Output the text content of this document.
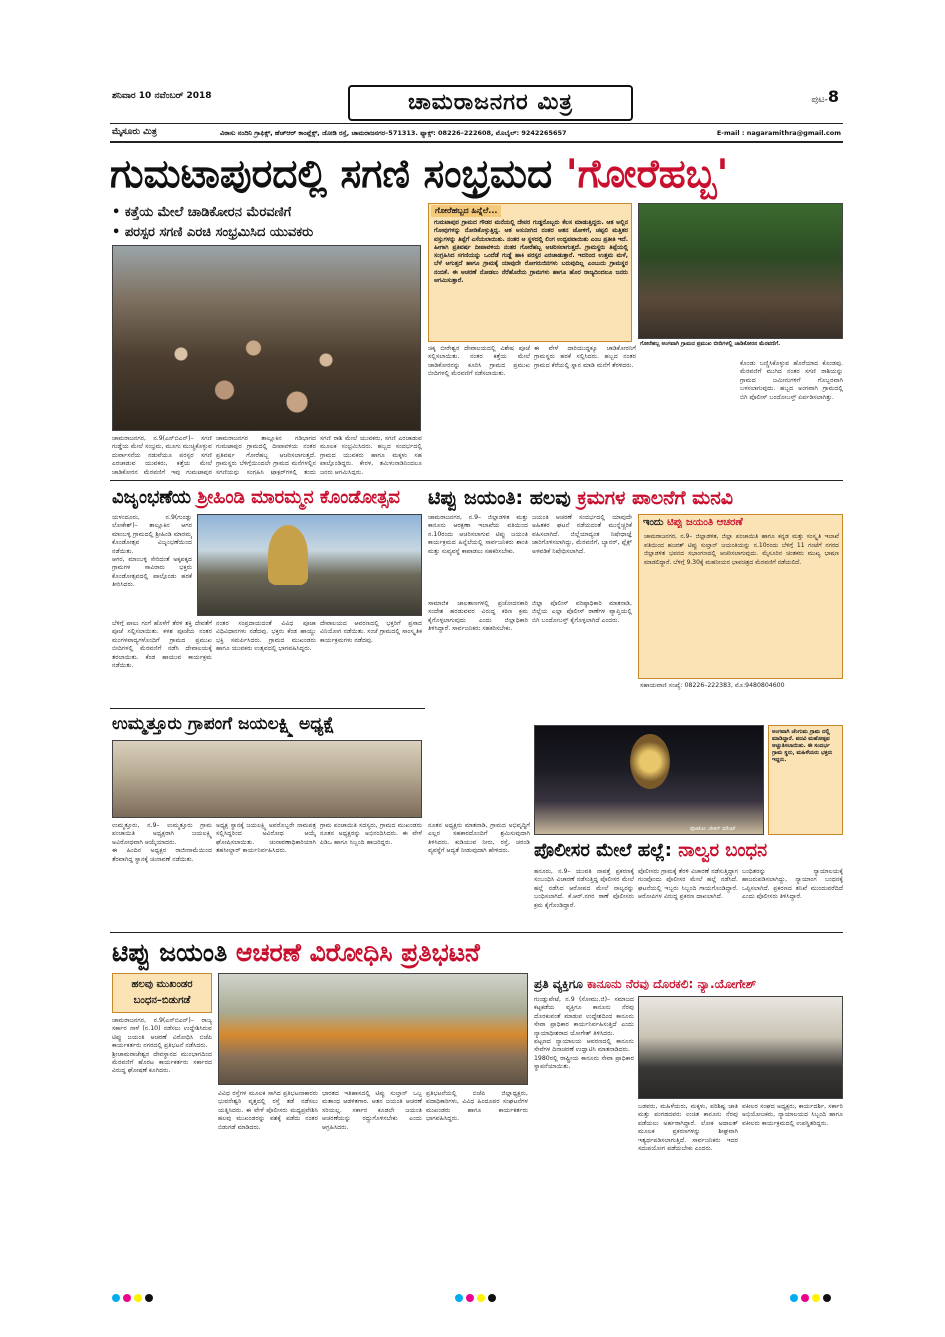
ಶನಿವಾರ 10 ನವೆಂಬರ್ 2018	ಚಾಮರಾಜನಗರ ಮಿತ್ರ	ಪುಟ-8
ಮೈಸೂರು ಮಿತ್ರ	ವಿಠಾಸು ನಂದಿನಿ ಗ್ರಾಫಿಕ್ಸ್, ಹೆಚ್‌ಆರ್ ಕಾಂಪ್ಲೆಕ್ಸ್, ಜೋಡಿ ರಸ್ತೆ, ಚಾಮರಾಜನಗರ–571313. ಫ್ಯಾಕ್ಸ್: 08226–222608, ಮೊಬೈಲ್: 9242265657	E-mail : nagaramithra@gmail.com
ಗುಮಟಾಪುರದಲ್ಲಿ ಸಗಣಿ ಸಂಭ್ರಮದ 'ಗೋರೆಹಬ್ಬ'
• ಕತ್ತೆಯ ಮೇಲೆ ಚಾಡಿಕೋರನ ಮೆರವಣಿಗೆ
• ಪರಸ್ಪರ ಸಗಣಿ ಎರಚಿ ಸಂಭ್ರಮಿಸಿದ ಯುವಕರು
ಗೋರೆಹಬ್ಬದ ಹಿನ್ನೆಲೆ...
ಗುಮಟಾಪುರ ಗ್ರಾಮದ ಗೌಡರ ಮನೆಯಲ್ಲಿ ದೇವರ ಗುಡ್ಡರೊಬ್ಬರು ಕೆಲಸ ಮಾಡುತ್ತಿದ್ದರು. ಆತ ಅಲ್ಲಿನ ಗೋವುಗಳನ್ನು ನೋಡಿಕೊಳ್ಳುತ್ತಿದ್ದ. ಆತ ಅಸುನೀಗಿದ ನಂತರ ಆತನ ಜೋಳಿಗೆ, ಚಪ್ಪಲಿ ಮತ್ತಿತರ ವಸ್ತುಗಳನ್ನು ತಿಪ್ಪೆಗೆ ಎಸೆಯಲಾಯಿತು. ನಂತರ ಆ ಸ್ಥಳದಲ್ಲಿ ಲಿಂಗ ಉದ್ಭವವಾಯಿತು ಎಂಬ ಪ್ರತೀತಿ ಇದೆ. ಹೀಗಾಗಿ ಪ್ರತಿವರ್ಷ ದೀಪಾವಳಿಯ ನಂತರ ಗೋರೆಹಬ್ಬ ಆಚರಿಸಲಾಗುತ್ತದೆ. ಗ್ರಾಮಸ್ಥರು ತಿಪ್ಪೆಯಲ್ಲಿ ಸಂಗ್ರಹಿಸಿದ ಸಗಣಿಯನ್ನು ಒಂದೆಡೆ ಗುಡ್ಡೆ ಹಾಕಿ ಪರಸ್ಪರ ಎರಚಾಡುತ್ತಾರೆ. ಇದರಿಂದ ಉತ್ತಮ ಮಳೆ, ಬೆಳೆ ಆಗುತ್ತದೆ ಹಾಗೂ ಗ್ರಾಮಕ್ಕೆ ಯಾವುದೇ ರೋಗರುಜಿನಗಳು ಬರುವುದಿಲ್ಲ ಎಂಬುದು ಗ್ರಾಮಸ್ಥರ ನಂಬಿಕೆ. ಈ ಆಚರಣೆ ನೋಡಲು ನೆರೆಹೊರೆಯ ಗ್ರಾಮಗಳು ಹಾಗೂ ಹೊರ ರಾಜ್ಯದಿಂದಲೂ ಜನರು ಆಗಮಿಸುತ್ತಾರೆ.
ಗೋರೆಹಬ್ಬ ಅಂಗವಾಗಿ ಗ್ರಾಮದ ಪ್ರಮುಖ ಬೀದಿಗಳಲ್ಲಿ ಚಾಡಿಕೋರನ ಮೆರವಣಿಗೆ.
ಚಾಮರಾಜನಗರ, ನ.9(ಎನ್‌ಬಿಎನ್)– ಸಗಣಿ ಗುಡ್ಡೆಯ ಮೇಲೆ ಸಂಭ್ರಮ, ಮೂಗು ಮುಚ್ಚಿಕೊಳ್ಳುವ ದುರ್ವಾಸನೆಯ ನಡುವೆಯೂ ಪರಸ್ಪರ ಸಗಣಿ ಎರಚಾಡುವ ಯುವಕರು, ಕತ್ತೆಯ ಮೇಲೆ ಚಾಡಿಕೋರನ ಮೆರವಣಿಗೆ ಇವು ಗುಮಟಾಪುರ
ಚಾಮರಾಜನಗರ ತಾಲ್ಲೂಕಿನ ಗಡಿಭಾಗದ ಗುಮಟಾಪುರ ಗ್ರಾಮದಲ್ಲಿ ದೀಪಾವಳಿಯ ನಂತರ ಪ್ರತಿವರ್ಷ ಗೋರೆಹಬ್ಬ ಆಚರಿಸಲಾಗುತ್ತದೆ. ಗ್ರಾಮಸ್ಥರು ಬೆಳಿಗ್ಗೆಯಿಂದಲೇ ಗ್ರಾಮದ ಮನೆಗಳಲ್ಲಿನ ಸಗಣಿಯನ್ನು ಸಂಗ್ರಹಿಸಿ ಟ್ರ್ಯಾಕ್ಟರ್‌ಗಳಲ್ಲಿ ತಂದು
ಸಗಣಿ ರಾಶಿ ಮೇಲೆ ಯುವಕರು, ಸಗಣಿ ಎರಚಾಡುವ ಮೂಲಕ ಸಂಭ್ರಮಿಸಿದರು. ಹಬ್ಬದ ಸಂದರ್ಭದಲ್ಲಿ ಗ್ರಾಮದ ಯುವಕರು ಹಾಗೂ ಮಕ್ಕಳು ಸಹ ಪಾಲ್ಗೊಂಡಿದ್ದರು. ಕೇರಳ, ತಮಿಳುನಾಡಿನಿಂದಲೂ ಜನರು ಆಗಮಿಸಿದ್ದರು.
ಚಿಕ್ಕ ಬೀರೇಶ್ವರ ದೇವಾಲಯದಲ್ಲಿ ವಿಶೇಷ ಪೂಜೆ ಸಲ್ಲಿಸಲಾಯಿತು. ನಂತರ ಕತ್ತೆಯ ಮೇಲೆ ಚಾಡಿಕೋರನನ್ನು ಕೂರಿಸಿ ಗ್ರಾಮದ ಪ್ರಮುಖ ಬೀದಿಗಳಲ್ಲಿ ಮೆರವಣಿಗೆ ನಡೆಸಲಾಯಿತು.
ಈ ವೇಳೆ ದಾರಿಯುದ್ದಕ್ಕೂ ಚಾಡಿಕೋರನಿಗೆ ಗ್ರಾಮಸ್ಥರು ಹರಕೆ ಸಲ್ಲಿಸಿದರು. ಹಬ್ಬದ ನಂತರ ಗ್ರಾಮದ ಕೆರೆಯಲ್ಲಿ ಸ್ನಾನ ಮಾಡಿ ಮನೆಗೆ ತೆರಳಿದರು.	ಕೊಂಡು ಬಣ್ಣಿಸಿಕೊಳ್ಳುವ ಹೊರೆಯಾದ ಕೊಂಡವು. ಮೆರವಣಿಗೆ ಮುಗಿದ ನಂತರ ಸಗಣಿ ರಾಶಿಯನ್ನು ಗ್ರಾಮದ ಜಮೀನುಗಳಿಗೆ ಗೊಬ್ಬರವಾಗಿ ಬಳಸಲಾಗುವುದು. ಹಬ್ಬದ ಅಂಗವಾಗಿ ಗ್ರಾಮದಲ್ಲಿ ಬಿಗಿ ಪೊಲೀಸ್ ಬಂದೋಬಸ್ತ್ ಏರ್ಪಡಿಸಲಾಗಿತ್ತು.
ವಿಜೃಂಭಣೆಯ ಶ್ರೀಹಿಂಡಿ ಮಾರಮ್ಮನ ಕೊಂಡೋತ್ಸವ
ಯಳಂದೂರು, ನ.9(ಗುಂಡ್ಲು ಲೋಕೇಶ್)– ತಾಲ್ಲೂಕಿನ ಆಗರ ಮಾಂಬಳ್ಳಿ ಗ್ರಾಮದಲ್ಲಿ ಶ್ರೀಹಿಂಡಿ ಮಾರಮ್ಮ ಕೊಂಡೋತ್ಸವ ವಿಜೃಂಭಣೆಯಿಂದ ನಡೆಯಿತು.
ಆಗರ, ಮಾಂಬಳ್ಳಿ ಸೇರಿದಂತೆ ಅಕ್ಕಪಕ್ಕದ ಗ್ರಾಮಗಳ ಸಾವಿರಾರು ಭಕ್ತರು ಕೊಂಡೋತ್ಸವದಲ್ಲಿ ಪಾಲ್ಗೊಂಡು ಹರಕೆ ತೀರಿಸಿದರು.
ಬೆಳಿಗ್ಗೆ ಪಾಲು ಗಂಗೆ ಹೊಳೆಗೆ ತೆರಳಿ ಶಕ್ತಿ ದೇವತೆಗೆ ಪೂಜೆ ಸಲ್ಲಿಸಲಾಯಿತು. ಕಳಶ ಪೂಜೆಯ ನಂತರ ಮಂಗಳವಾದ್ಯಗಳೊಂದಿಗೆ ಗ್ರಾಮದ ಪ್ರಮುಖ ಬೀದಿಗಳಲ್ಲಿ ಮೆರವಣಿಗೆ ನಡೆಸಿ ದೇವಾಲಯಕ್ಕೆ ತರಲಾಯಿತು. ಕೆಂಡ ಹಾಯುವ ಕಾರ್ಯಕ್ರಮ ನಡೆಯಿತು.
ನಂತರ ಸಂಪ್ರದಾಯದಂತೆ ವಿವಿಧ ಪೂಜಾ ವಿಧಿವಿಧಾನಗಳು ನಡೆದವು. ಭಕ್ತರು ಕೆಂಡ ಹಾಯ್ದು ಭಕ್ತಿ ಸಮರ್ಪಿಸಿದರು. ಗ್ರಾಮದ ಮುಖಂಡರು ಹಾಗೂ ಯುವಕರು ಉತ್ಸವದಲ್ಲಿ ಭಾಗವಹಿಸಿದ್ದರು.
ದೇವಾಲಯದ ಆವರಣದಲ್ಲಿ ಭಕ್ತರಿಗೆ ಪ್ರಸಾದ ವಿನಿಯೋಗ ನಡೆಯಿತು. ಸಂಜೆ ಗ್ರಾಮದಲ್ಲಿ ಸಾಂಸ್ಕೃತಿಕ ಕಾರ್ಯಕ್ರಮಗಳು ನಡೆದವು.
ಉಮ್ಮತ್ತೂರು ಗ್ರಾಪಂಗೆ ಜಯಲಕ್ಷ್ಮಿ ಅಧ್ಯಕ್ಷೆ
ಉಮ್ಮತ್ತೂರು, ನ.9– ಉಮ್ಮತ್ತೂರು ಗ್ರಾಮ ಪಂಚಾಯಿತಿ ಅಧ್ಯಕ್ಷರಾಗಿ ಜಯಲಕ್ಷ್ಮಿ ಅವಿರೋಧವಾಗಿ ಆಯ್ಕೆಯಾದರು.
ಈ ಹಿಂದಿನ ಅಧ್ಯಕ್ಷರ ರಾಜೀನಾಮೆಯಿಂದ ತೆರವಾಗಿದ್ದ ಸ್ಥಾನಕ್ಕೆ ಚುನಾವಣೆ ನಡೆಯಿತು.
ಅಧ್ಯಕ್ಷ ಸ್ಥಾನಕ್ಕೆ ಜಯಲಕ್ಷ್ಮಿ ಅವರೊಬ್ಬರೇ ನಾಮಪತ್ರ ಸಲ್ಲಿಸಿದ್ದರಿಂದ ಅವಿರೋಧ ಆಯ್ಕೆ ಘೋಷಿಸಲಾಯಿತು. ಚುನಾವಣಾಧಿಕಾರಿಯಾಗಿ ತಹಸೀಲ್ದಾರ್ ಕಾರ್ಯನಿರ್ವಹಿಸಿದರು.
ಗ್ರಾಮ ಪಂಚಾಯಿತಿ ಸದಸ್ಯರು, ಗ್ರಾಮದ ಮುಖಂಡರು ನೂತನ ಅಧ್ಯಕ್ಷರನ್ನು ಅಭಿನಂದಿಸಿದರು. ಈ ವೇಳೆ ಪಿಡಿಒ ಹಾಗೂ ಸಿಬ್ಬಂದಿ ಹಾಜರಿದ್ದರು.
ನೂತನ ಅಧ್ಯಕ್ಷರು ಮಾತನಾಡಿ, ಗ್ರಾಮದ ಅಭಿವೃದ್ಧಿಗೆ ಎಲ್ಲರ ಸಹಕಾರದೊಂದಿಗೆ ಶ್ರಮಿಸುವುದಾಗಿ ತಿಳಿಸಿದರು. ಕುಡಿಯುವ ನೀರು, ರಸ್ತೆ, ಚರಂಡಿ ವ್ಯವಸ್ಥೆಗೆ ಆದ್ಯತೆ ನೀಡುವುದಾಗಿ ಹೇಳಿದರು.
ಟಿಪ್ಪು ಜಯಂತಿ: ಹಲವು ಕ್ರಮಗಳ ಪಾಲನೆಗೆ ಮನವಿ
ಚಾಮರಾಜನಗರ, ನ.9– ಜಿಲ್ಲಾಡಳಿತ ಮತ್ತು ಕಾನೂನು ಆರಕ್ಷಣಾ ಇಲಾಖೆಯ ವತಿಯಿಂದ ನ.10ರಂದು ಆಚರಿಸಲಾಗುವ ಟಿಪ್ಪು ಜಯಂತಿ ಕಾರ್ಯಕ್ರಮದ ಹಿನ್ನೆಲೆಯಲ್ಲಿ ಸಾರ್ವಜನಿಕರು ಶಾಂತಿ ಮತ್ತು ಸುವ್ಯವಸ್ಥೆ ಕಾಪಾಡಲು ಸಹಕರಿಸಬೇಕು.
ಜಯಂತಿ ಆಚರಣೆ ಸಂದರ್ಭದಲ್ಲಿ ಯಾವುದೇ ಅಹಿತಕರ ಘಟನೆ ನಡೆಯದಂತೆ ಮುನ್ನೆಚ್ಚರಿಕೆ ವಹಿಸಲಾಗಿದೆ. ಜಿಲ್ಲೆಯಾದ್ಯಂತ ನಿಷೇಧಾಜ್ಞೆ ಜಾರಿಗೊಳಿಸಲಾಗಿದ್ದು, ಮೆರವಣಿಗೆ, ಬ್ಯಾನರ್, ಫ್ಲೆಕ್ಸ್ ಅಳವಡಿಕೆ ನಿಷೇಧಿಸಲಾಗಿದೆ.
ಸಾಮಾಜಿಕ ಜಾಲತಾಣಗಳಲ್ಲಿ ಪ್ರಚೋದನಕಾರಿ ಸಂದೇಶ ಹರಡುವವರ ವಿರುದ್ಧ ಕಠಿಣ ಕ್ರಮ ಕೈಗೊಳ್ಳಲಾಗುವುದು ಎಂದು ಜಿಲ್ಲಾಧಿಕಾರಿ ತಿಳಿಸಿದ್ದಾರೆ. ಸಾರ್ವಜನಿಕರು ಸಹಕರಿಸಬೇಕು.
ಜಿಲ್ಲಾ ಪೊಲೀಸ್ ವರಿಷ್ಠಾಧಿಕಾರಿ ಮಾತನಾಡಿ, ಜಿಲ್ಲೆಯ ಎಲ್ಲಾ ಪೊಲೀಸ್ ಠಾಣೆಗಳ ವ್ಯಾಪ್ತಿಯಲ್ಲಿ ಬಿಗಿ ಬಂದೋಬಸ್ತ್ ಕೈಗೊಳ್ಳಲಾಗಿದೆ ಎಂದರು.
ಇಂದು ಟಿಪ್ಪು ಜಯಂತಿ ಆಚರಣೆ
ಚಾಮರಾಜನಗರ, ನ.9– ಜಿಲ್ಲಾಡಳಿತ, ಜಿಲ್ಲಾ ಪಂಚಾಯಿತಿ ಹಾಗೂ ಕನ್ನಡ ಮತ್ತು ಸಂಸ್ಕೃತಿ ಇಲಾಖೆ ವತಿಯಿಂದ ಹಜರತ್ ಟಿಪ್ಪು ಸುಲ್ತಾನ್ ಜಯಂತಿಯನ್ನು ನ.10ರಂದು ಬೆಳಿಗ್ಗೆ 11 ಗಂಟೆಗೆ ನಗರದ ಜಿಲ್ಲಾಡಳಿತ ಭವನದ ಸಭಾಂಗಣದಲ್ಲಿ ಆಚರಿಸಲಾಗುವುದು. ಮೈಸೂರಿನ ಚಿಂತಕರು ಮುಖ್ಯ ಭಾಷಣ ಮಾಡಲಿದ್ದಾರೆ. ಬೆಳಿಗ್ಗೆ 9.30ಕ್ಕೆ ಮಹನೀಯರ ಭಾವಚಿತ್ರದ ಮೆರವಣಿಗೆ ನಡೆಯಲಿದೆ.
ಸಹಾಯವಾಣಿ ಸಂಖ್ಯೆ: 08226–222383, ಮೊ:9480804600
ಅಂಗವಾಗಿ ಚೆಂಗುಮ ಗ್ರಾಮ ದಲ್ಲಿ ಮಾಡಿದ್ದಾರೆ. ಪದವಿ ಮಹೋತ್ಸವ ಆಚ್ಚುತಿಸಲಾಯಿತು. ಈ ಸಂದರ್ಭ ಗ್ರಾಮ ಸ್ಥರು, ಮಹಿಳೆಯರು ಭಕ್ತರು ಇದ್ದರು.
ಫೋಟೋ: ಚೇತನ್ ಮೌಂಟ್
ಪೊಲೀಸರ ಮೇಲೆ ಹಲ್ಲೆ: ನಾಲ್ವರ ಬಂಧನ
ಹನೂರು, ನ.9– ಯುವತಿ ನಾಪತ್ತೆ ಪ್ರಕರಣಕ್ಕೆ ಸಂಬಂಧಿಸಿ ವಿಚಾರಣೆ ನಡೆಸುತ್ತಿದ್ದ ಪೊಲೀಸರ ಮೇಲೆ ಹಲ್ಲೆ ನಡೆಸಿದ ಆರೋಪದ ಮೇಲೆ ನಾಲ್ವರನ್ನು ಬಂಧಿಸಲಾಗಿದೆ. ಕೆ.ಆರ್.ನಗರ ಠಾಣೆ ಪೊಲೀಸರು ಕ್ರಮ ಕೈಗೊಂಡಿದ್ದಾರೆ.
ಪೊಲೀಸರು ಗ್ರಾಮಕ್ಕೆ ತೆರಳಿ ವಿಚಾರಣೆ ನಡೆಸುತ್ತಿದ್ದಾಗ ಗುಂಪೊಂದು ಪೊಲೀಸರ ಮೇಲೆ ಹಲ್ಲೆ ನಡೆಸಿದೆ. ಘಟನೆಯಲ್ಲಿ ಇಬ್ಬರು ಸಿಬ್ಬಂದಿ ಗಾಯಗೊಂಡಿದ್ದಾರೆ. ಆರೋಪಿಗಳ ವಿರುದ್ಧ ಪ್ರಕರಣ ದಾಖಲಾಗಿದೆ.
ಬಂಧಿತರನ್ನು ನ್ಯಾಯಾಲಯಕ್ಕೆ ಹಾಜರುಪಡಿಸಲಾಗಿದ್ದು, ನ್ಯಾಯಾಂಗ ಬಂಧನಕ್ಕೆ ಒಪ್ಪಿಸಲಾಗಿದೆ. ಪ್ರಕರಣದ ತನಿಖೆ ಮುಂದುವರೆದಿದೆ ಎಂದು ಪೊಲೀಸರು ತಿಳಿಸಿದ್ದಾರೆ.
ಟಿಪ್ಪು ಜಯಂತಿ ಆಚರಣೆ ವಿರೋಧಿಸಿ ಪ್ರತಿಭಟನೆ
ಹಲವು ಮುಖಂಡರ
ಬಂಧನ–ಬಿಡುಗಡೆ
ಚಾಮರಾಜನಗರ, ನ.9(ಎನ್‌ಬಿಎನ್)– ರಾಜ್ಯ ಸರ್ಕಾರ ನಾಳೆ (ನ.10) ನಡೆಸಲು ಉದ್ದೇಶಿಸಿರುವ ಟಿಪ್ಪು ಜಯಂತಿ ಆಚರಣೆ ವಿರೋಧಿಸಿ ಬಿಜೆಪಿ ಕಾರ್ಯಕರ್ತರು ನಗರದಲ್ಲಿ ಪ್ರತಿಭಟನೆ ನಡೆಸಿದರು.
ಶ್ರೀಚಾಮರಾಜೇಶ್ವರ ದೇವಸ್ಥಾನದ ಮುಂಭಾಗದಿಂದ ಮೆರವಣಿಗೆ ಹೊರಟ ಕಾರ್ಯಕರ್ತರು ಸರ್ಕಾರದ ವಿರುದ್ಧ ಘೋಷಣೆ ಕೂಗಿದರು.
ವಿವಿಧ ರಸ್ತೆಗಳ ಮೂಲಕ ಸಾಗಿದ ಪ್ರತಿಭಟನಾಕಾರರು ಭುವನೇಶ್ವರಿ ವೃತ್ತದಲ್ಲಿ ರಸ್ತೆ ತಡೆ ನಡೆಸಲು ಯತ್ನಿಸಿದರು. ಈ ವೇಳೆ ಪೊಲೀಸರು ಮಧ್ಯಪ್ರವೇಶಿಸಿ ಹಲವು ಮುಖಂಡರನ್ನು ವಶಕ್ಕೆ ಪಡೆದು ನಂತರ ಬಿಡುಗಡೆ ಮಾಡಿದರು.
ಭಾರತದ ಇತಿಹಾಸದಲ್ಲಿ ಟಿಪ್ಪು ಸುಲ್ತಾನ್ ಒಬ್ಬ ಮತಾಂಧ ಆಡಳಿತಗಾರ. ಆತನ ಜಯಂತಿ ಆಚರಣೆ ಸರಿಯಲ್ಲ. ಸರ್ಕಾರ ಕೂಡಲೇ ಜಯಂತಿ ಆಚರಣೆಯನ್ನು ರದ್ದುಗೊಳಿಸಬೇಕು ಎಂದು ಆಗ್ರಹಿಸಿದರು.
ಪ್ರತಿಭಟನೆಯಲ್ಲಿ ಬಿಜೆಪಿ ಜಿಲ್ಲಾಧ್ಯಕ್ಷರು, ಪದಾಧಿಕಾರಿಗಳು, ವಿವಿಧ ಹಿಂದೂಪರ ಸಂಘಟನೆಗಳ ಮುಖಂಡರು ಹಾಗೂ ಕಾರ್ಯಕರ್ತರು ಭಾಗವಹಿಸಿದ್ದರು.
ಪ್ರತಿ ವ್ಯಕ್ತಿಗೂ ಕಾನೂನು ನೆರವು ದೊರಕಲಿ: ನ್ಯಾ.ಯೋಗೇಶ್
ಗುಂಡ್ಲುಪೇಟೆ, ನ.9 (ಸೋಮು.ಜಿ)– ಸಮಾಜದ ಕಟ್ಟಕಡೆಯ ವ್ಯಕ್ತಿಗೂ ಕಾನೂನು ನೆರವು ದೊರಕುವಂತೆ ಮಾಡುವ ಉದ್ದೇಶದಿಂದ ಕಾನೂನು ಸೇವಾ ಪ್ರಾಧಿಕಾರ ಕಾರ್ಯನಿರ್ವಹಿಸುತ್ತಿದೆ ಎಂದು ನ್ಯಾಯಾಧೀಶರಾದ ಯೋಗೇಶ್ ತಿಳಿಸಿದರು.
ಪಟ್ಟಣದ ನ್ಯಾಯಾಲಯ ಆವರಣದಲ್ಲಿ ಕಾನೂನು ಸೇವೆಗಳ ದಿನಾಚರಣೆ ಉದ್ಘಾಟಿಸಿ ಮಾತನಾಡಿದರು.
1980ರಲ್ಲಿ ರಾಷ್ಟ್ರೀಯ ಕಾನೂನು ಸೇವಾ ಪ್ರಾಧಿಕಾರ ಸ್ಥಾಪನೆಯಾಯಿತು.
ಬಡವರು, ಮಹಿಳೆಯರು, ಮಕ್ಕಳು, ಪರಿಶಿಷ್ಟ ಜಾತಿ ಮತ್ತು ಪಂಗಡದವರು ಉಚಿತ ಕಾನೂನು ನೆರವು ಪಡೆಯಲು ಅರ್ಹರಾಗಿದ್ದಾರೆ. ಲೋಕ ಅದಾಲತ್ ಮೂಲಕ ಪ್ರಕರಣಗಳನ್ನು ಶೀಘ್ರವಾಗಿ ಇತ್ಯರ್ಥಪಡಿಸಲಾಗುತ್ತಿದೆ. ಸಾರ್ವಜನಿಕರು ಇದರ ಸದುಪಯೋಗ ಪಡೆಯಬೇಕು ಎಂದರು.
ವಕೀಲರ ಸಂಘದ ಅಧ್ಯಕ್ಷರು, ಕಾರ್ಯದರ್ಶಿ, ಸರ್ಕಾರಿ ಅಭಿಯೋಜಕರು, ನ್ಯಾಯಾಲಯದ ಸಿಬ್ಬಂದಿ ಹಾಗೂ ವಕೀಲರು ಕಾರ್ಯಕ್ರಮದಲ್ಲಿ ಉಪಸ್ಥಿತರಿದ್ದರು.
